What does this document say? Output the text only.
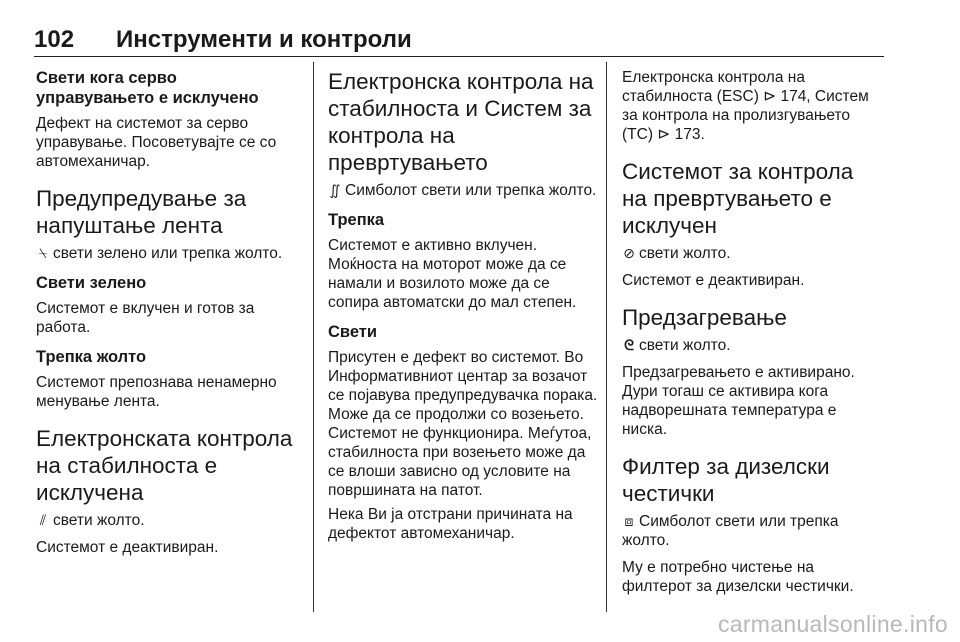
102 Инструменти и контроли
Свети кога серво управувањето е исклучено
Дефект на системот за серво управување. Посоветувајте се со автомеханичар.
Предупредување за напуштање лента
⍀ свети зелено или трепка жолто.
Свети зелено
Системот е вклучен и готов за работа.
Трепка жолто
Системот препознава ненамерно менување лента.
Електронската контрола на стабилноста е исклучена
⫽ свети жолто.
Системот е деактивиран.
Електронска контрола на стабилноста и Систем за контрола на превртувањето
∬ Симболот свети или трепка жолто.
Трепка
Системот е активно вклучен. Моќноста на моторот може да се намали и возилото може да се сопира автоматски до мал степен.
Свети
Присутен е дефект во системот. Во Информативниот центар за возачот се појавува предупредувачка порака. Може да се продолжи со возењето. Системот не функционира. Меѓутоа, стабилноста при возењето може да се влоши зависно од условите на површината на патот.
Нека Ви ја отстрани причината на дефектот автомеханичар.
Електронска контрола на стабилноста (ESC) ⊳ 174, Систем за контрола на пролизгувањето (TC) ⊳ 173.
Системот за контрола на превртувањето е исклучен
⊘ свети жолто.
Системот е деактивиран.
Предзагревање
ᘓ свети жолто.
Предзагревањето е активирано. Дури тогаш се активира кога надворешната температура е ниска.
Филтер за дизелски честички
⧈ Симболот свети или трепка жолто.
Му е потребно чистење на филтерот за дизелски честички.
carmanualsonline.info
